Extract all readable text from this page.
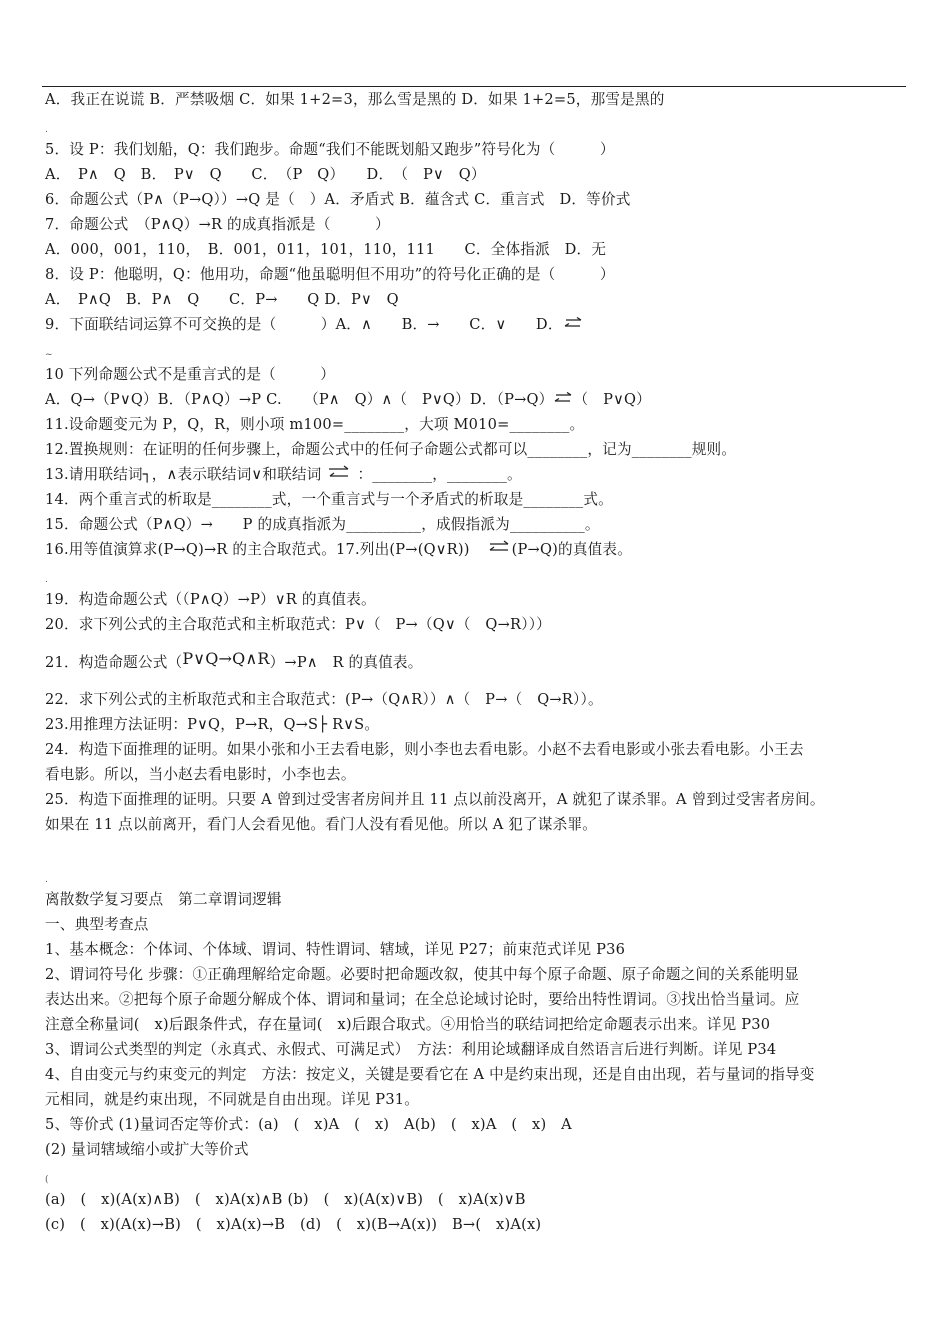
A．我正在说谎 B．严禁吸烟 C．如果 1+2=3，那么雪是黑的 D．如果 1+2=5，那雪是黑的
.
5．设 P：我们划船，Q：我们跑步。命题“我们不能既划船又跑步”符号化为（　　　）
A．　P∧　Q　B．　P∨　Q　　C．　（P　Q）　　D．　（　P∨　Q）
6．命题公式（P∧（P→Q））→Q 是（　）A．矛盾式 B．蕴含式 C．重言式　D．等价式
7．命题公式　（P∧Q）→R 的成真指派是（　　　）
A．000，001，110，　B．001，011，101，110，111　　C．全体指派　D．无
8．设 P：他聪明，Q：他用功，命题“他虽聪明但不用功”的符号化正确的是（　　　）
A．　P∧Q　B．P∧　Q　　C．P→　　Q D．P∨　Q
9．下面联结词运算不可交换的是（　　　）A．∧　　B．→　　C．∨　　D．
~
10 下列命题公式不是重言式的是（　　　）
A．Q→（P∨Q）B．（P∧Q）→P C.　　（P∧　Q）∧（　P∨Q）D．（P→Q） （　P∨Q）
11.设命题变元为 P，Q，R，则小项 m100=________，大项 M010=________。
12.置换规则：在证明的任何步骤上，命题公式中的任何子命题公式都可以________，记为________规则。
13.请用联结词┐，∧表示联结词∨和联结词 ：________，________。
14．两个重言式的析取是________式，一个重言式与一个矛盾式的析取是________式。
15．命题公式（P∧Q）→　　P 的成真指派为__________，成假指派为__________。
16.用等值演算求(P→Q)→R 的主合取范式。17.列出(P→(Q∨R))	(P→Q)的真值表。
.
19．构造命题公式（（P∧Q）→P）∨R 的真值表。
20．求下列公式的主合取范式和主析取范式：P∨（　P→（Q∨（　Q→R）））
21．构造命题公式（P∨Q→Q∧R）→P∧　R 的真值表。
22．求下列公式的主析取范式和主合取范式：(P→（Q∧R））∧（　P→（　Q→R））。
23.用推理方法证明：P∨Q，P→R，Q→S├ R∨S。
24．构造下面推理的证明。如果小张和小王去看电影，则小李也去看电影。小赵不去看电影或小张去看电影。小王去
看电影。所以，当小赵去看电影时，小李也去。
25．构造下面推理的证明。只要 A 曾到过受害者房间并且 11 点以前没离开，A 就犯了谋杀罪。A 曾到过受害者房间。
如果在 11 点以前离开，看门人会看见他。看门人没有看见他。所以 A 犯了谋杀罪。
.
离散数学复习要点　第二章谓词逻辑
一、典型考查点
1、基本概念：个体词、个体域、谓词、特性谓词、辖域，详见 P27；前束范式详见 P36
2、谓词符号化 步骤：①正确理解给定命题。必要时把命题改叙，使其中每个原子命题、原子命题之间的关系能明显
表达出来。②把每个原子命题分解成个体、谓词和量词；在全总论域讨论时，要给出特性谓词。③找出恰当量词。应
注意全称量词(　x)后跟条件式，存在量词(　x)后跟合取式。④用恰当的联结词把给定命题表示出来。详见 P30
3、谓词公式类型的判定（永真式、永假式、可满足式）　方法：利用论域翻译成自然语言后进行判断。详见 P34
4、自由变元与约束变元的判定　方法：按定义，关键是要看它在 A 中是约束出现，还是自由出现，若与量词的指导变
元相同，就是约束出现，不同就是自由出现。详见 P31。
5、等价式 (1)量词否定等价式：(a)　(　x)A　(　x)　A(b)　(　x)A　(　x)　A
(2) 量词辖域缩小或扩大等价式
(
(a)　(　x)(A(x)∧B)　(　x)A(x)∧B (b)　(　x)(A(x)∨B)　(　x)A(x)∨B
(c)　(　x)(A(x)→B)　(　x)A(x)→B　(d)　(　x)(B→A(x))　B→(　x)A(x)
